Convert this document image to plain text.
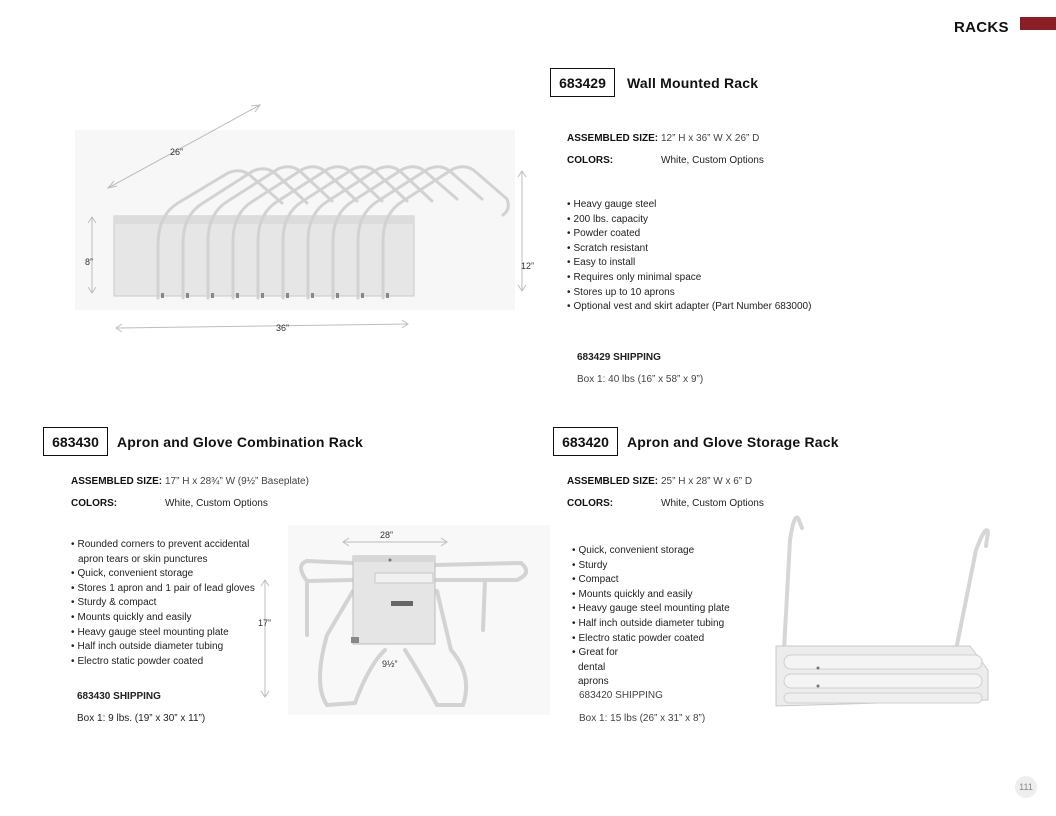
RACKS
683429	Wall Mounted Rack
ASSEMBLED SIZE: 12” H x 36” W X 26” D
COLORS:	White, Custom Options
• Heavy gauge steel
• 200 lbs. capacity
• Powder coated
• Scratch resistant
• Easy to install
• Requires only minimal space
• Stores up to 10 aprons
• Optional vest and skirt adapter (Part Number 683000)
683429 SHIPPING
Box 1: 40 lbs (16” x 58” x 9”)
26”
8”	12”
36”
683430	Apron and Glove Combination Rack
ASSEMBLED SIZE: 17” H x 28¾” W (9½” Baseplate)
COLORS:	White, Custom Options
• Rounded corners to prevent accidental
apron tears or skin punctures
• Quick, convenient storage
• Stores 1 apron and 1 pair of lead gloves
• Sturdy & compact
• Mounts quickly and easily
• Heavy gauge steel mounting plate
• Half inch outside diameter tubing
• Electro static powder coated
683430 SHIPPING
Box 1: 9 lbs. (19” x 30” x 11”)
28”
17”
9½”
683420	Apron and Glove Storage Rack
ASSEMBLED SIZE: 25” H x 28” W x 6” D
COLORS:	White, Custom Options
• Quick, convenient storage
• Sturdy
• Compact
• Mounts quickly and easily
• Heavy gauge steel mounting plate
• Half inch outside diameter tubing
• Electro static powder coated
• Great for
dental
aprons
683420 SHIPPING
Box 1: 15 lbs (26” x 31” x 8”)
111
